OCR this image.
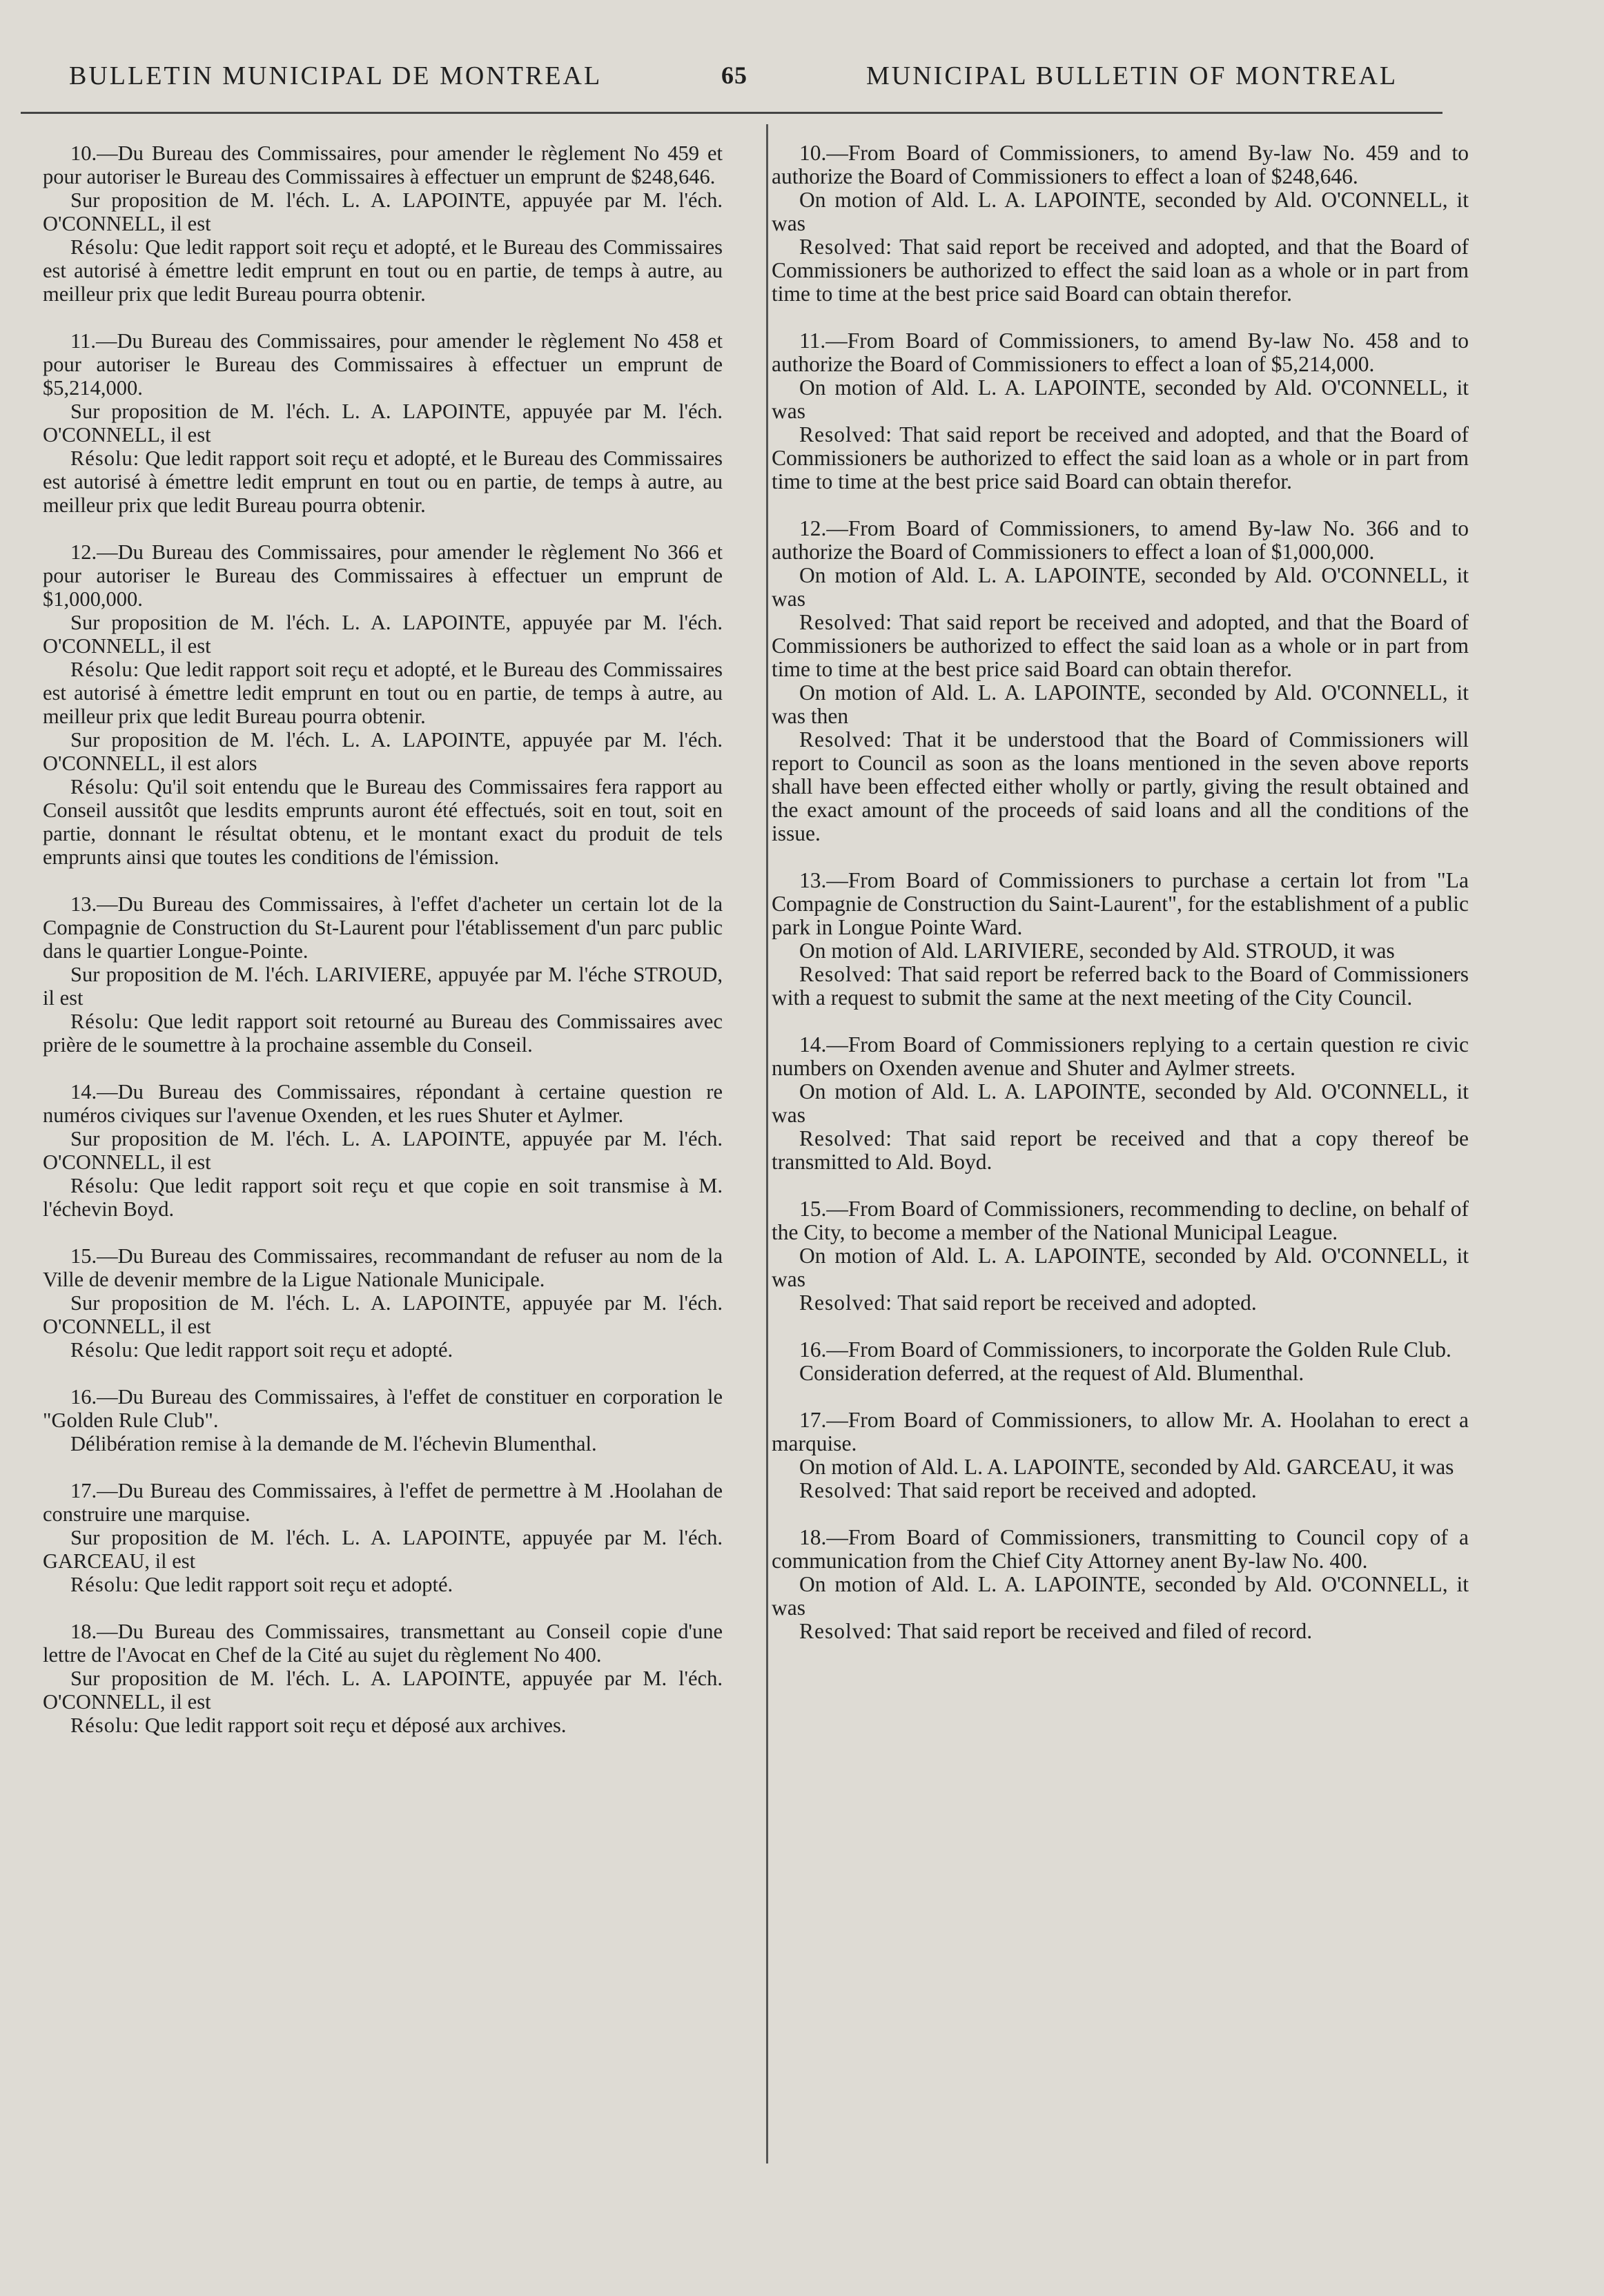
BULLETIN MUNICIPAL DE MONTREAL	65	MUNICIPAL BULLETIN OF MONTREAL

10.—Du Bureau des Commissaires, pour amender le règlement No 459 et pour autoriser le Bureau des Commissaires à effectuer un emprunt de $248,646.

Sur proposition de M. l'éch. L. A. LAPOINTE, appuyée par M. l'éch. O'CONNELL, il est

Résolu: Que ledit rapport soit reçu et adopté, et le Bureau des Commissaires est autorisé à émettre ledit emprunt en tout ou en partie, de temps à autre, au meilleur prix que ledit Bureau pourra obtenir.

11.—Du Bureau des Commissaires, pour amender le règlement No 458 et pour autoriser le Bureau des Commissaires à effectuer un emprunt de $5,214,000.

Sur proposition de M. l'éch. L. A. LAPOINTE, appuyée par M. l'éch. O'CONNELL, il est

Résolu: Que ledit rapport soit reçu et adopté, et le Bureau des Commissaires est autorisé à émettre ledit emprunt en tout ou en partie, de temps à autre, au meilleur prix que ledit Bureau pourra obtenir.

12.—Du Bureau des Commissaires, pour amender le règlement No 366 et pour autoriser le Bureau des Commissaires à effectuer un emprunt de $1,000,000.

Sur proposition de M. l'éch. L. A. LAPOINTE, appuyée par M. l'éch. O'CONNELL, il est

Résolu: Que ledit rapport soit reçu et adopté, et le Bureau des Commissaires est autorisé à émettre ledit emprunt en tout ou en partie, de temps à autre, au meilleur prix que ledit Bureau pourra obtenir.

Sur proposition de M. l'éch. L. A. LAPOINTE, appuyée par M. l'éch. O'CONNELL, il est alors

Résolu: Qu'il soit entendu que le Bureau des Commissaires fera rapport au Conseil aussitôt que lesdits emprunts auront été effectués, soit en tout, soit en partie, donnant le résultat obtenu, et le montant exact du produit de tels emprunts ainsi que toutes les conditions de l'émission.

13.—Du Bureau des Commissaires, à l'effet d'acheter un certain lot de la Compagnie de Construction du St-Laurent pour l'établissement d'un parc public dans le quartier Longue-Pointe.

Sur proposition de M. l'éch. LARIVIERE, appuyée par M. l'éche STROUD, il est

Résolu: Que ledit rapport soit retourné au Bureau des Commissaires avec prière de le soumettre à la prochaine assemble du Conseil.

14.—Du Bureau des Commissaires, répondant à certaine question re numéros civiques sur l'avenue Oxenden, et les rues Shuter et Aylmer.

Sur proposition de M. l'éch. L. A. LAPOINTE, appuyée par M. l'éch. O'CONNELL, il est

Résolu: Que ledit rapport soit reçu et que copie en soit transmise à M. l'échevin Boyd.

15.—Du Bureau des Commissaires, recommandant de refuser au nom de la Ville de devenir membre de la Ligue Nationale Municipale.

Sur proposition de M. l'éch. L. A. LAPOINTE, appuyée par M. l'éch. O'CONNELL, il est

Résolu: Que ledit rapport soit reçu et adopté.

16.—Du Bureau des Commissaires, à l'effet de constituer en corporation le "Golden Rule Club".

Délibération remise à la demande de M. l'échevin Blumenthal.

17.—Du Bureau des Commissaires, à l'effet de permettre à M .Hoolahan de construire une marquise.

Sur proposition de M. l'éch. L. A. LAPOINTE, appuyée par M. l'éch. GARCEAU, il est

Résolu: Que ledit rapport soit reçu et adopté.

18.—Du Bureau des Commissaires, transmettant au Conseil copie d'une lettre de l'Avocat en Chef de la Cité au sujet du règlement No 400.

Sur proposition de M. l'éch. L. A. LAPOINTE, appuyée par M. l'éch. O'CONNELL, il est

Résolu: Que ledit rapport soit reçu et déposé aux archives.

10.—From Board of Commissioners, to amend By-law No. 459 and to authorize the Board of Commissioners to effect a loan of $248,646.

On motion of Ald. L. A. LAPOINTE, seconded by Ald. O'CONNELL, it was

Resolved: That said report be received and adopted, and that the Board of Commissioners be authorized to effect the said loan as a whole or in part from time to time at the best price said Board can obtain therefor.

11.—From Board of Commissioners, to amend By-law No. 458 and to authorize the Board of Commissioners to effect a loan of $5,214,000.

On motion of Ald. L. A. LAPOINTE, seconded by Ald. O'CONNELL, it was

Resolved: That said report be received and adopted, and that the Board of Commissioners be authorized to effect the said loan as a whole or in part from time to time at the best price said Board can obtain therefor.

12.—From Board of Commissioners, to amend By-law No. 366 and to authorize the Board of Commissioners to effect a loan of $1,000,000.

On motion of Ald. L. A. LAPOINTE, seconded by Ald. O'CONNELL, it was

Resolved: That said report be received and adopted, and that the Board of Commissioners be authorized to effect the said loan as a whole or in part from time to time at the best price said Board can obtain therefor.

On motion of Ald. L. A. LAPOINTE, seconded by Ald. O'CONNELL, it was then

Resolved: That it be understood that the Board of Commissioners will report to Council as soon as the loans mentioned in the seven above reports shall have been effected either wholly or partly, giving the result obtained and the exact amount of the proceeds of said loans and all the conditions of the issue.

13.—From Board of Commissioners to purchase a certain lot from "La Compagnie de Construction du Saint-Laurent", for the establishment of a public park in Longue Pointe Ward.

On motion of Ald. LARIVIERE, seconded by Ald. STROUD, it was

Resolved: That said report be referred back to the Board of Commissioners with a request to submit the same at the next meeting of the City Council.

14.—From Board of Commissioners replying to a certain question re civic numbers on Oxenden avenue and Shuter and Aylmer streets.

On motion of Ald. L. A. LAPOINTE, seconded by Ald. O'CONNELL, it was

Resolved: That said report be received and that a copy thereof be transmitted to Ald. Boyd.

15.—From Board of Commissioners, recommending to decline, on behalf of the City, to become a member of the National Municipal League.

On motion of Ald. L. A. LAPOINTE, seconded by Ald. O'CONNELL, it was

Resolved: That said report be received and adopted.

16.—From Board of Commissioners, to incorporate the Golden Rule Club.

Consideration deferred, at the request of Ald. Blumenthal.

17.—From Board of Commissioners, to allow Mr. A. Hoolahan to erect a marquise.

On motion of Ald. L. A. LAPOINTE, seconded by Ald. GARCEAU, it was

Resolved: That said report be received and adopted.

18.—From Board of Commissioners, transmitting to Council copy of a communication from the Chief City Attorney anent By-law No. 400.

On motion of Ald. L. A. LAPOINTE, seconded by Ald. O'CONNELL, it was

Resolved: That said report be received and filed of record.
